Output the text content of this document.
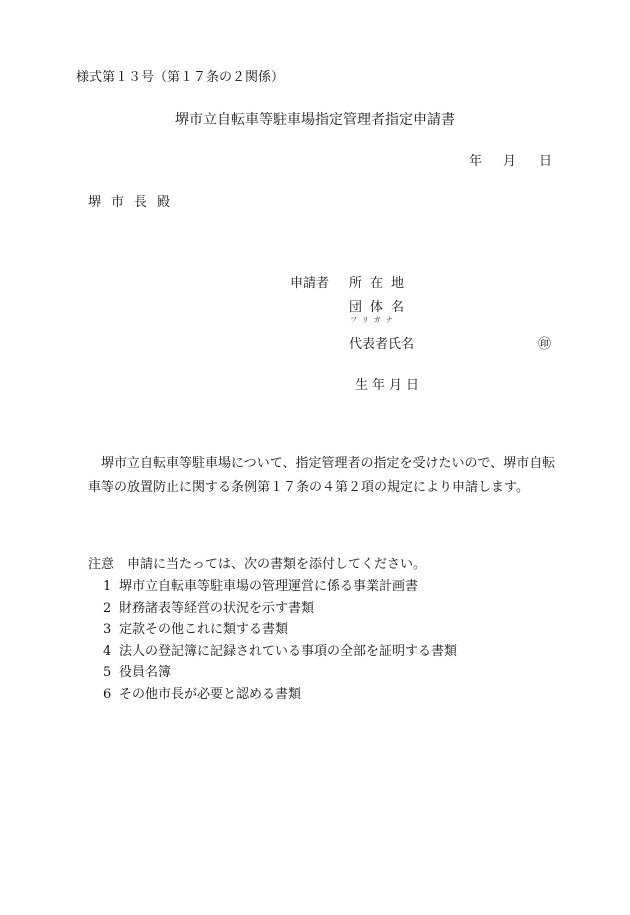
様式第１３号（第１７条の２関係）
堺市立自転車等駐車場指定管理者指定申請書
年 月 日
堺市長殿
申請者 所在地
団体名
フリガナ
代表者氏名	㊞
生年月日
堺市立自転車等駐車場について、指定管理者の指定を受けたいので、堺市自転車等の放置防止に関する条例第１７条の４第２項の規定により申請します。
注意　申請に当たっては、次の書類を添付してください。
1 堺市立自転車等駐車場の管理運営に係る事業計画書
2 財務諸表等経営の状況を示す書類
3 定款その他これに類する書類
4 法人の登記簿に記録されている事項の全部を証明する書類
5 役員名簿
6 その他市長が必要と認める書類
